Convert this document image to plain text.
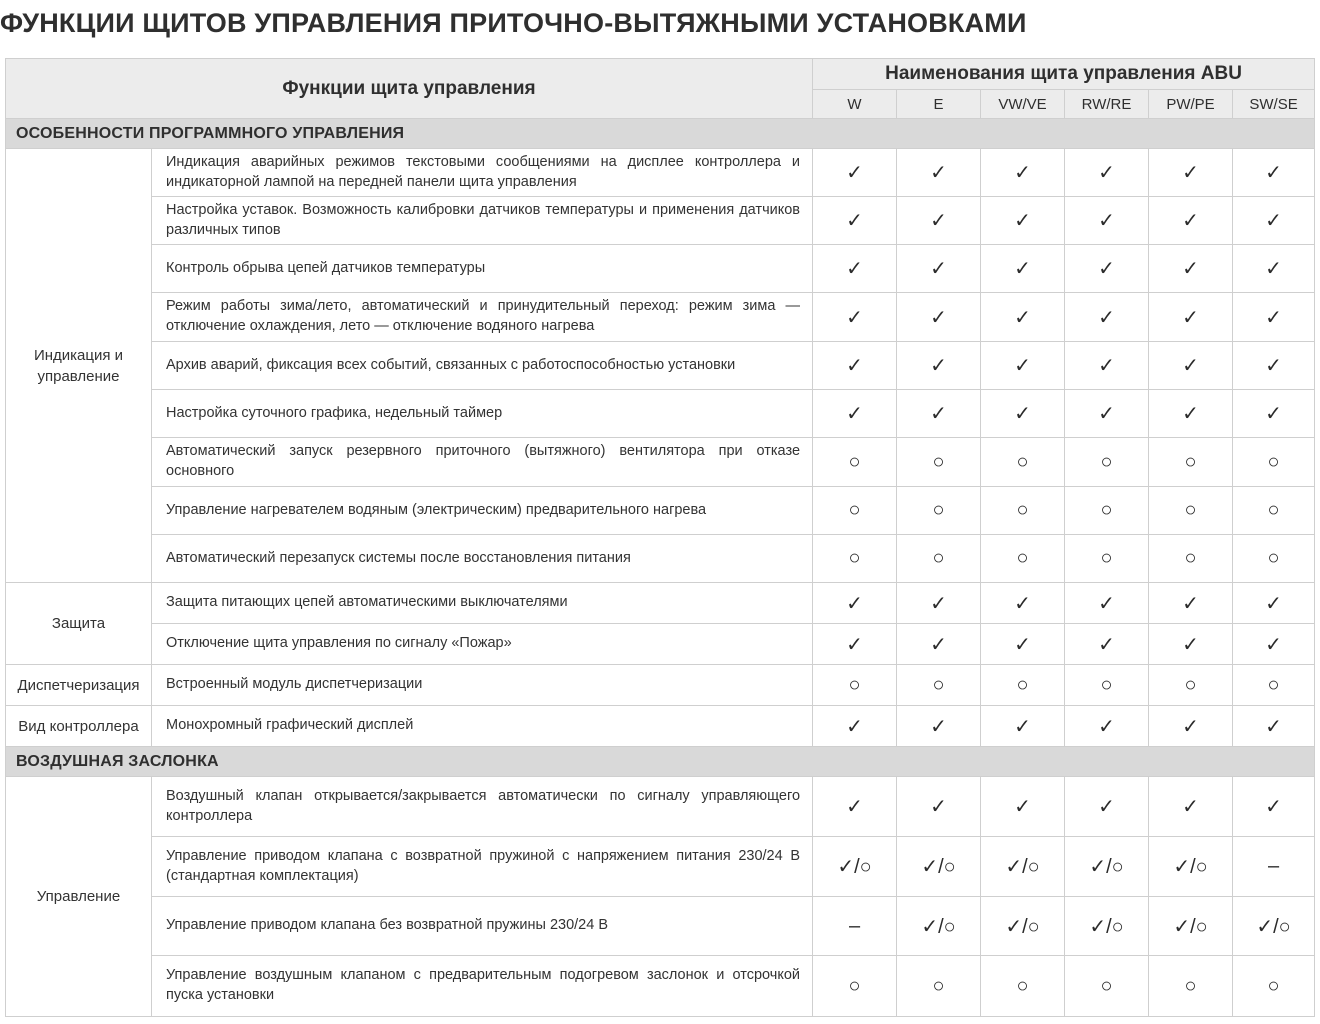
ФУНКЦИИ ЩИТОВ УПРАВЛЕНИЯ ПРИТОЧНО-ВЫТЯЖНЫМИ УСТАНОВКАМИ
Функции щита управления		Наименования щита управления ABU					
		W	E	VW/VE	RW/RE	PW/PE	SW/SE
ОСОБЕННОСТИ ПРОГРАММНОГО УПРАВЛЕНИЯ							
Индикация и управление	Индикация аварийных режимов текстовыми сообщениями на дисплее контроллера и индикаторной лампой на передней панели щита управления	✓	✓	✓	✓	✓	✓
	Настройка уставок. Возможность калибровки датчиков температуры и применения датчиков различных типов	✓	✓	✓	✓	✓	✓
	Контроль обрыва цепей датчиков температуры	✓	✓	✓	✓	✓	✓
	Режим работы зима/лето, автоматический и принудительный переход: режим зима — отключение охлаждения, лето — отключение водяного нагрева	✓	✓	✓	✓	✓	✓
	Архив аварий, фиксация всех событий, связанных с работоспособностью установки	✓	✓	✓	✓	✓	✓
	Настройка суточного графика, недельный таймер	✓	✓	✓	✓	✓	✓
	Автоматический запуск резервного приточного (вытяжного) вентилятора при отказе основного	○	○	○	○	○	○
	Управление нагревателем водяным (электрическим) предварительного нагрева	○	○	○	○	○	○
	Автоматический перезапуск системы после восстановления питания	○	○	○	○	○	○
Защита	Защита питающих цепей автоматическими выключателями	✓	✓	✓	✓	✓	✓
	Отключение щита управления по сигналу «Пожар»	✓	✓	✓	✓	✓	✓
Диспетчеризация	Встроенный модуль диспетчеризации	○	○	○	○	○	○
Вид контроллера	Монохромный графический дисплей	✓	✓	✓	✓	✓	✓
ВОЗДУШНАЯ ЗАСЛОНКА							
Управление	Воздушный клапан открывается/закрывается автоматически по сигналу управляющего контроллера	✓	✓	✓	✓	✓	✓
	Управление приводом клапана с возвратной пружиной с напряжением питания 230/24 В (стандартная комплектация)	✓/○	✓/○	✓/○	✓/○	✓/○	–
	Управление приводом клапана без возвратной пружины 230/24 В	–	✓/○	✓/○	✓/○	✓/○	✓/○
	Управление воздушным клапаном с предварительным подогревом заслонок и отсрочкой пуска установки	○	○	○	○	○	○
